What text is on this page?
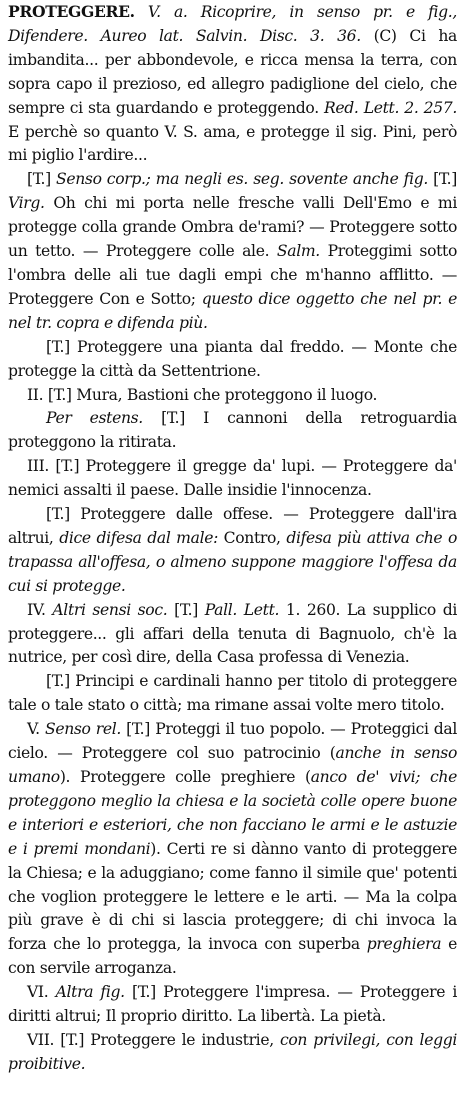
PROTEGGERE. V. a. Ricoprire, in senso pr. e fig., Difendere. Aureo lat. Salvin. Disc. 3. 36. (C) Ci ha imbandita... per abbondevole, e ricca mensa la terra, con sopra capo il prezioso, ed allegro padiglione del cielo, che sempre ci sta guardando e proteggendo. Red. Lett. 2. 257. E perchè so quanto V. S. ama, e protegge il sig. Pini, però mi piglio l'ardire...

[T.] Senso corp.; ma negli es. seg. sovente anche fig. [T.] Virg. Oh chi mi porta nelle fresche valli Dell'Emo e mi protegge colla grande Ombra de'rami? — Proteggere sotto un tetto. — Proteggere colle ale. Salm. Proteggimi sotto l'ombra delle ali tue dagli empi che m'hanno afflitto. — Proteggere Con e Sotto; questo dice oggetto che nel pr. e nel tr. copra e difenda più.

[T.] Proteggere una pianta dal freddo. — Monte che protegge la città da Settentrione.

II. [T.] Mura, Bastioni che proteggono il luogo.

Per estens. [T.] I cannoni della retroguardia proteggono la ritirata.

III. [T.] Proteggere il gregge da' lupi. — Proteggere da' nemici assalti il paese. Dalle insidie l'innocenza.

[T.] Proteggere dalle offese. — Proteggere dall'ira altrui, dice difesa dal male: Contro, difesa più attiva che o trapassa all'offesa, o almeno suppone maggiore l'offesa da cui si protegge.

IV. Altri sensi soc. [T.] Pall. Lett. 1. 260. La supplico di proteggere... gli affari della tenuta di Bagnuolo, ch'è la nutrice, per così dire, della Casa professa di Venezia.

[T.] Principi e cardinali hanno per titolo di proteggere tale o tale stato o città; ma rimane assai volte mero titolo.

V. Senso rel. [T.] Proteggi il tuo popolo. — Proteggici dal cielo. — Proteggere col suo patrocinio (anche in senso umano). Proteggere colle preghiere (anco de' vivi; che proteggono meglio la chiesa e la società colle opere buone e interiori e esteriori, che non facciano le armi e le astuzie e i premi mondani). Certi re si dànno vanto di proteggere la Chiesa; e la aduggiano; come fanno il simile que' potenti che voglion proteggere le lettere e le arti. — Ma la colpa più grave è di chi si lascia proteggere; di chi invoca la forza che lo protegga, la invoca con superba preghiera e con servile arroganza.

VI. Altra fig. [T.] Proteggere l'impresa. — Proteggere i diritti altrui; Il proprio diritto. La libertà. La pietà.

VII. [T.] Proteggere le industrie, con privilegi, con leggi proibitive.
